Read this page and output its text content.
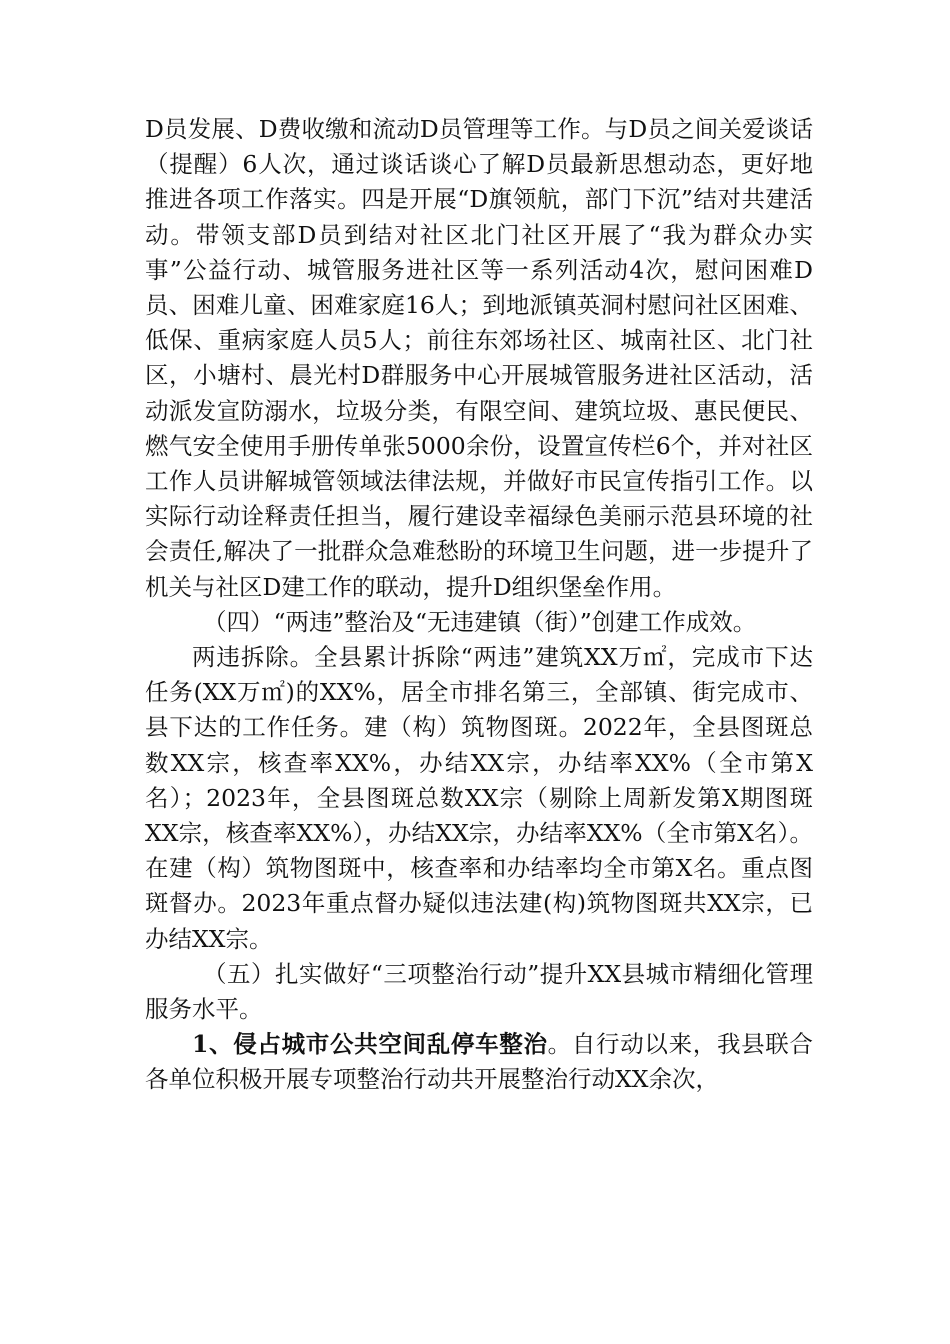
D员发展、D费收缴和流动D员管理等工作。与D员之间关爱谈话（提醒）6人次，通过谈话谈心了解D员最新思想动态，更好地推进各项工作落实。四是开展“D旗领航，部门下沉”结对共建活动。带领支部D员到结对社区北门社区开展了“我为群众办实事”公益行动、城管服务进社区等一系列活动4次，慰问困难D员、困难儿童、困难家庭16人；到地派镇英洞村慰问社区困难、低保、重病家庭人员5人；前往东郊场社区、城南社区、北门社区，小塘村、晨光村D群服务中心开展城管服务进社区活动，活动派发宣防溺水，垃圾分类，有限空间、建筑垃圾、惠民便民、燃气安全使用手册传单张5000余份，设置宣传栏6个，并对社区工作人员讲解城管领域法律法规，并做好市民宣传指引工作。以实际行动诠释责任担当，履行建设幸福绿色美丽示范县环境的社会责任,解决了一批群众急难愁盼的环境卫生问题，进一步提升了机关与社区D建工作的联动，提升D组织堡垒作用。

（四）“两违”整治及“无违建镇（街）”创建工作成效。

两违拆除。全县累计拆除“两违”建筑XX万㎡，完成市下达任务(XX万㎡)的XX%，居全市排名第三，全部镇、街完成市、县下达的工作任务。建（构）筑物图斑。2022年，全县图斑总数XX宗，核查率XX%，办结XX宗，办结率XX%（全市第X名）；2023年，全县图斑总数XX宗（剔除上周新发第X期图斑XX宗，核查率XX%），办结XX宗，办结率XX%（全市第X名）。在建（构）筑物图斑中，核查率和办结率均全市第X名。重点图斑督办。2023年重点督办疑似违法建(构)筑物图斑共XX宗，已办结XX宗。

（五）扎实做好“三项整治行动”提升XX县城市精细化管理服务水平。

1、侵占城市公共空间乱停车整治。自行动以来，我县联合各单位积极开展专项整治行动共开展整治行动XX余次，
